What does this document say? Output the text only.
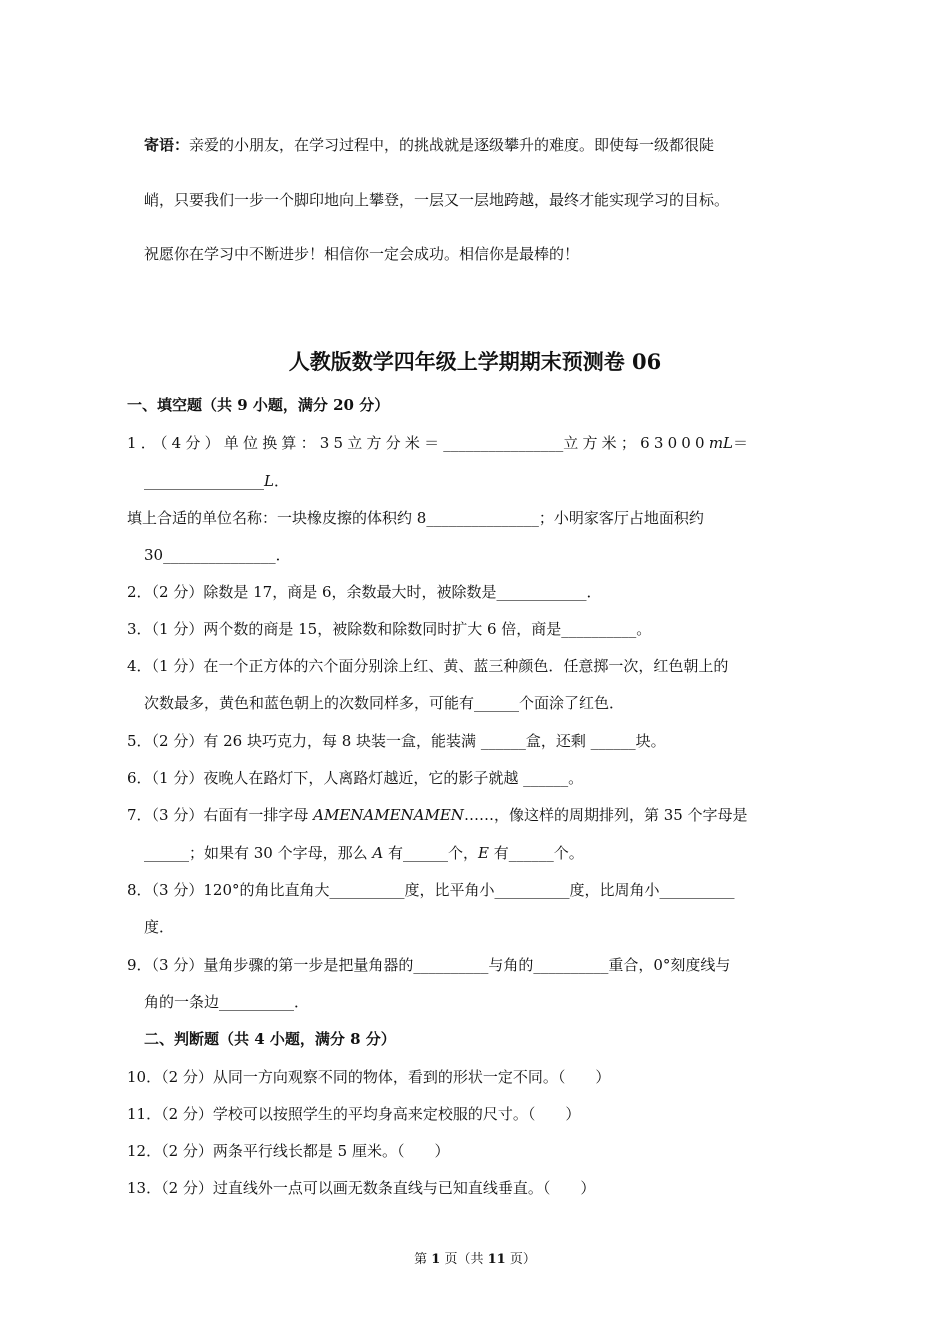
寄语：亲爱的小朋友，在学习过程中，的挑战就是逐级攀升的难度。即使每一级都很陡
峭，只要我们一步一个脚印地向上攀登，一层又一层地跨越，最终才能实现学习的目标。
祝愿你在学习中不断进步！相信你一定会成功。相信你是最棒的！
人教版数学四年级上学期期末预测卷 06
一、填空题（共 9 小题，满分 20 分）
1．（4分）单位换算：35立方分米＝________________立方米；63000mL＝
________________L．
填上合适的单位名称：一块橡皮擦的体积约 8_______________；小明家客厅占地面积约
30_______________．
2．（2 分）除数是 17，商是 6，余数最大时，被除数是____________．
3．（1 分）两个数的商是 15，被除数和除数同时扩大 6 倍，商是__________。
4．（1 分）在一个正方体的六个面分别涂上红、黄、蓝三种颜色．任意掷一次，红色朝上的
次数最多，黄色和蓝色朝上的次数同样多，可能有______个面涂了红色．
5．（2 分）有 26 块巧克力，每 8 块装一盒，能装满 ______盒，还剩 ______块。
6．（1 分）夜晚人在路灯下，人离路灯越近，它的影子就越 ______。
7．（3 分）右面有一排字母 AMENAMENAMEN……，像这样的周期排列，第 35 个字母是
______；如果有 30 个字母，那么 A 有______个，E 有______个。
8．（3 分）120°的角比直角大__________度，比平角小__________度，比周角小__________
度．
9．（3 分）量角步骤的第一步是把量角器的__________与角的__________重合，0°刻度线与
角的一条边__________．
二、判断题（共 4 小题，满分 8 分）
10．（2 分）从同一方向观察不同的物体，看到的形状一定不同。（　　）
11．（2 分）学校可以按照学生的平均身高来定校服的尺寸。（　　）
12．（2 分）两条平行线长都是 5 厘米。（　　）
13．（2 分）过直线外一点可以画无数条直线与已知直线垂直。（　　）
第 1 页（共 11 页）
